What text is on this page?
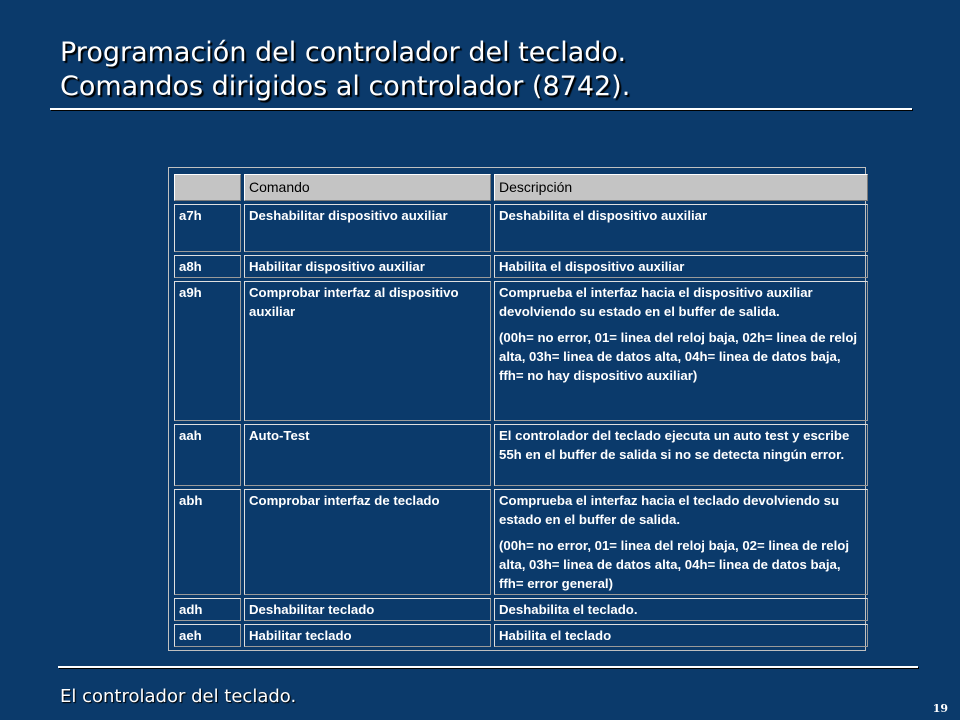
Programación del controlador del teclado.
Comandos dirigidos al controlador (8742).
	Comando	Descripción
a7h	Deshabilitar dispositivo auxiliar	Deshabilita el dispositivo auxiliar

a8h	Habilitar dispositivo auxiliar	Habilita el dispositivo auxiliar

a9h	Comprobar interfaz al dispositivo auxiliar	Comprueba el interfaz hacia el dispositivo auxiliar devolviendo su estado en el buffer de salida.
(00h= no error, 01= linea del reloj baja, 02h= linea de reloj alta, 03h= linea de datos alta, 04h= linea de datos baja, ffh= no hay dispositivo auxiliar)

aah	Auto-Test	El controlador del teclado ejecuta un auto test y escribe 55h en el buffer de salida si no se detecta ningún error.

abh	Comprobar interfaz de teclado	Comprueba el interfaz hacia el teclado devolviendo su estado en el buffer de salida.
(00h= no error, 01= linea del reloj baja, 02= linea de reloj alta, 03h= linea de datos alta, 04h= linea de datos baja, ffh= error general)

adh	Deshabilitar teclado	Deshabilita el teclado.

aeh	Habilitar teclado	Habilita el teclado
El controlador del teclado.
19
